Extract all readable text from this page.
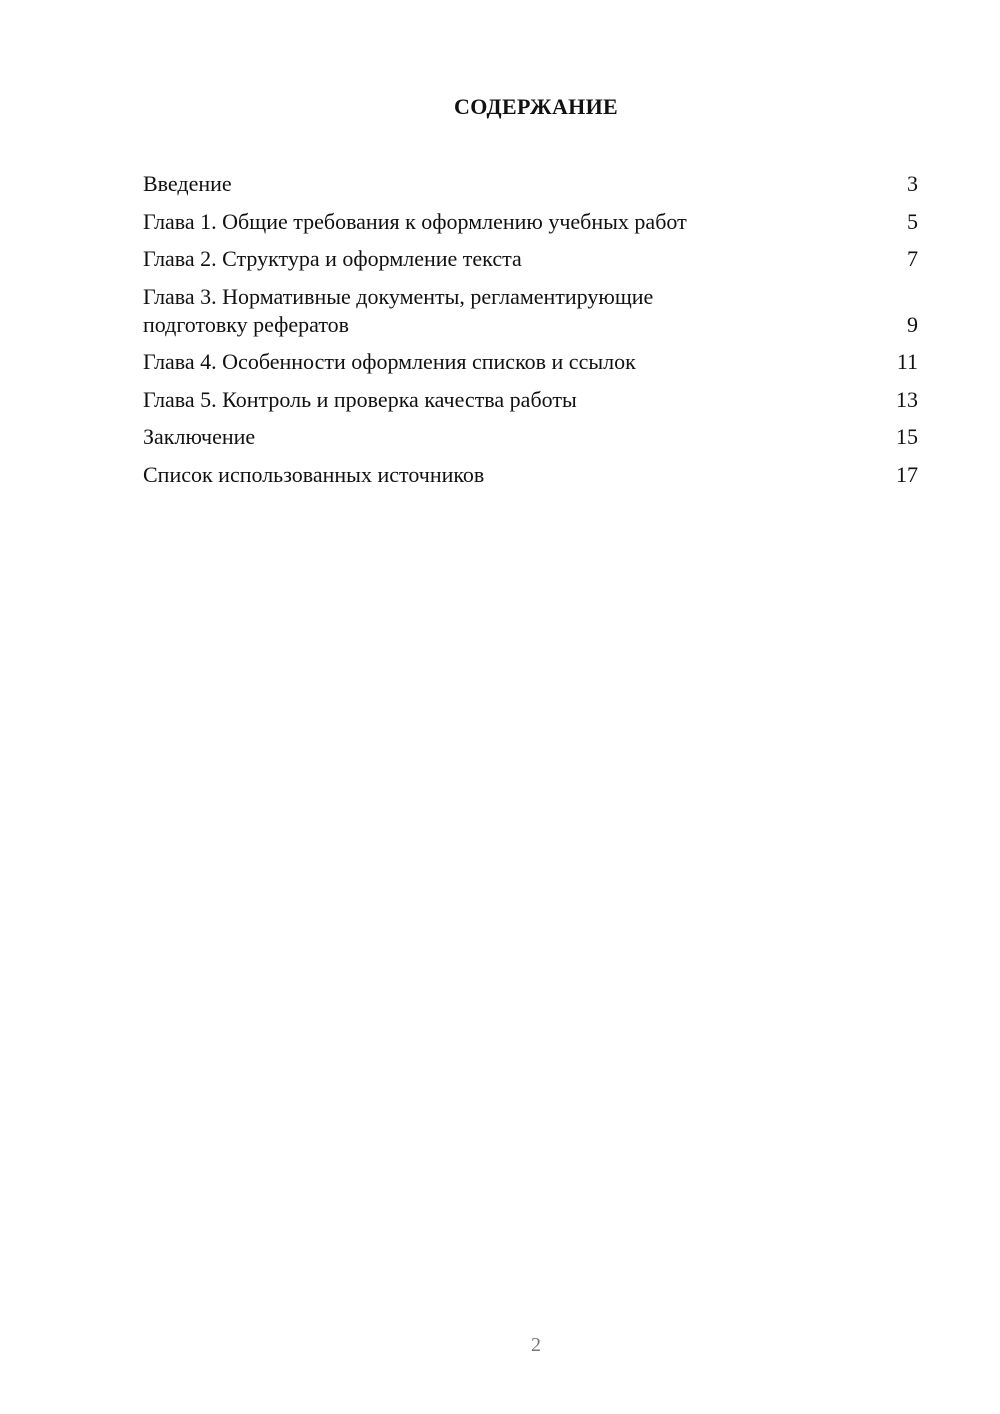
СОДЕРЖАНИЕ
Введение	3
Глава 1. Общие требования к оформлению учебных работ	5
Глава 2. Структура и оформление текста	7
Глава 3. Нормативные документы, регламентирующие подготовку рефератов	9
Глава 4. Особенности оформления списков и ссылок	11
Глава 5. Контроль и проверка качества работы	13
Заключение	15
Список использованных источников	17
2
